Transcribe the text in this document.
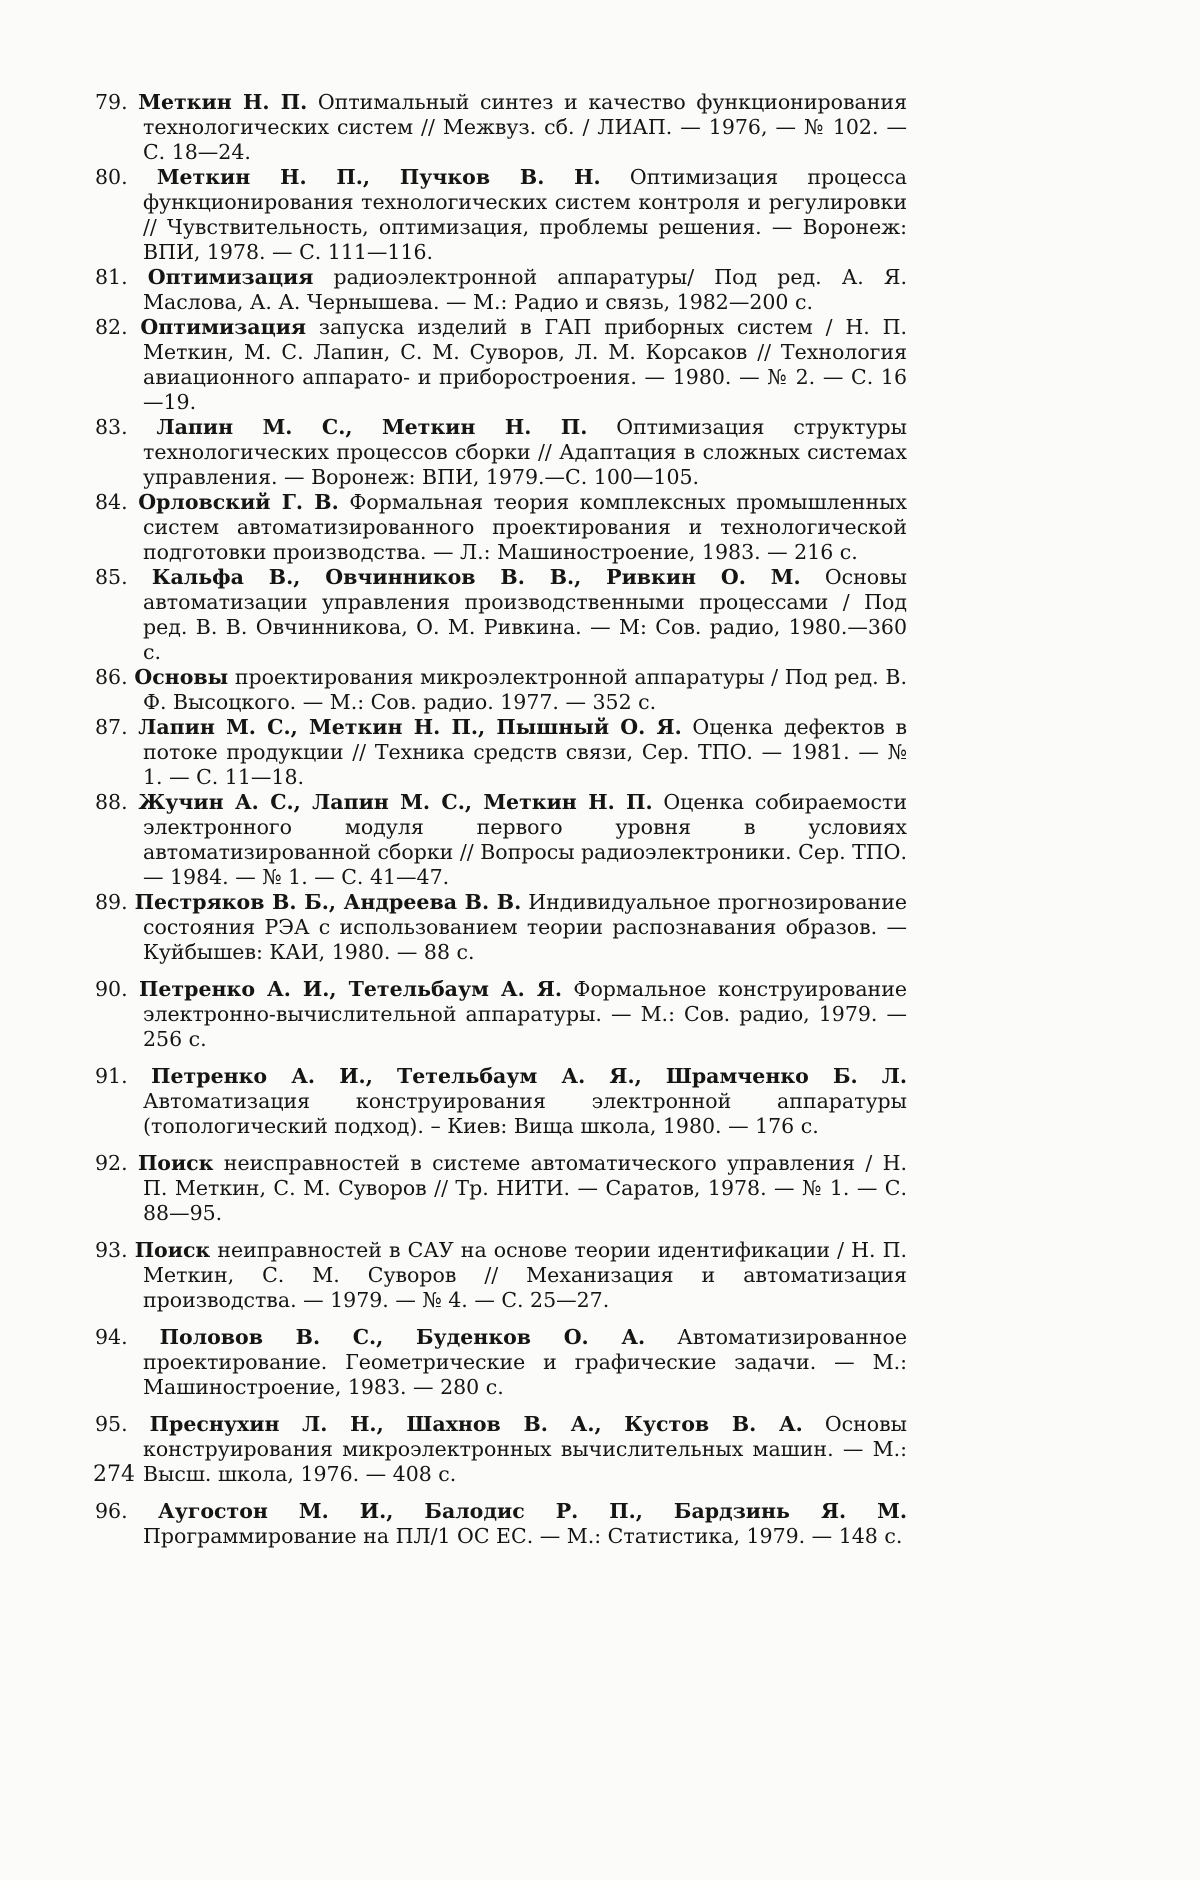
79. Меткин Н. П. Оптимальный синтез и качество функционирования технологических систем // Межвуз. сб. / ЛИАП. — 1976, — № 102. — С. 18—24.

80. Меткин Н. П., Пучков В. Н. Оптимизация процесса функционирования технологических систем контроля и регулировки // Чувствительность, оптимизация, проблемы решения. — Воронеж: ВПИ, 1978. — С. 111—116.

81. Оптимизация радиоэлектронной аппаратуры/ Под ред. А. Я. Маслова, А. А. Чернышева. — М.: Радио и связь, 1982—200 с.

82. Оптимизация запуска изделий в ГАП приборных систем / Н. П. Меткин, М. С. Лапин, С. М. Суворов, Л. М. Корсаков // Технология авиационного аппарато- и приборостроения. — 1980. — № 2. — С. 16—19.

83. Лапин М. С., Меткин Н. П. Оптимизация структуры технологических процессов сборки // Адаптация в сложных системах управления. — Воронеж: ВПИ, 1979.—С. 100—105.

84. Орловский Г. В. Формальная теория комплексных промышленных систем автоматизированного проектирования и технологической подготовки производства. — Л.: Машиностроение, 1983. — 216 с.

85. Кальфа В., Овчинников В. В., Ривкин О. М. Основы автоматизации управления производственными процессами / Под ред. В. В. Овчинникова, О. М. Ривкина. — М: Сов. радио, 1980.—360 с.

86. Основы проектирования микроэлектронной аппаратуры / Под ред. В. Ф. Высоцкого. — М.: Сов. радио. 1977. — 352 с.

87. Лапин М. С., Меткин Н. П., Пышный О. Я. Оценка дефектов в потоке продукции // Техника средств связи, Сер. ТПО. — 1981. — № 1. — С. 11—18.

88. Жучин А. С., Лапин М. С., Меткин Н. П. Оценка собираемости электронного модуля первого уровня в условиях автоматизированной сборки // Вопросы радиоэлектроники. Сер. ТПО. — 1984. — № 1. — С. 41—47.

89. Пестряков В. Б., Андреева В. В. Индивидуальное прогнозирование состояния РЭА с использованием теории распознавания образов. — Куйбышев: КАИ, 1980. — 88 с.

90. Петренко А. И., Тетельбаум А. Я. Формальное конструирование электронно-вычислительной аппаратуры. — М.: Сов. радио, 1979. — 256 с.

91. Петренко А. И., Тетельбаум А. Я., Шрамченко Б. Л. Автоматизация конструирования электронной аппаратуры (топологический подход). – Киев: Вища школа, 1980. — 176 с.

92. Поиск неисправностей в системе автоматического управления / Н. П. Меткин, С. М. Суворов // Тр. НИТИ. — Саратов, 1978. — № 1. — С. 88—95.

93. Поиск неиправностей в САУ на основе теории идентификации / Н. П. Меткин, С. М. Суворов // Механизация и автоматизация производства. — 1979. — № 4. — С. 25—27.

94. Половов В. С., Буденков О. А. Автоматизированное проектирование. Геометрические и графические задачи. — М.: Машиностроение, 1983. — 280 с.

95. Преснухин Л. Н., Шахнов В. А., Кустов В. А. Основы конструирования микроэлектронных вычислительных машин. — М.: Высш. школа, 1976. — 408 с.

96. Аугостон М. И., Балодис Р. П., Бардзинь Я. М. Программирование на ПЛ/1 ОС ЕС. — М.: Статистика, 1979. — 148 с.

274
